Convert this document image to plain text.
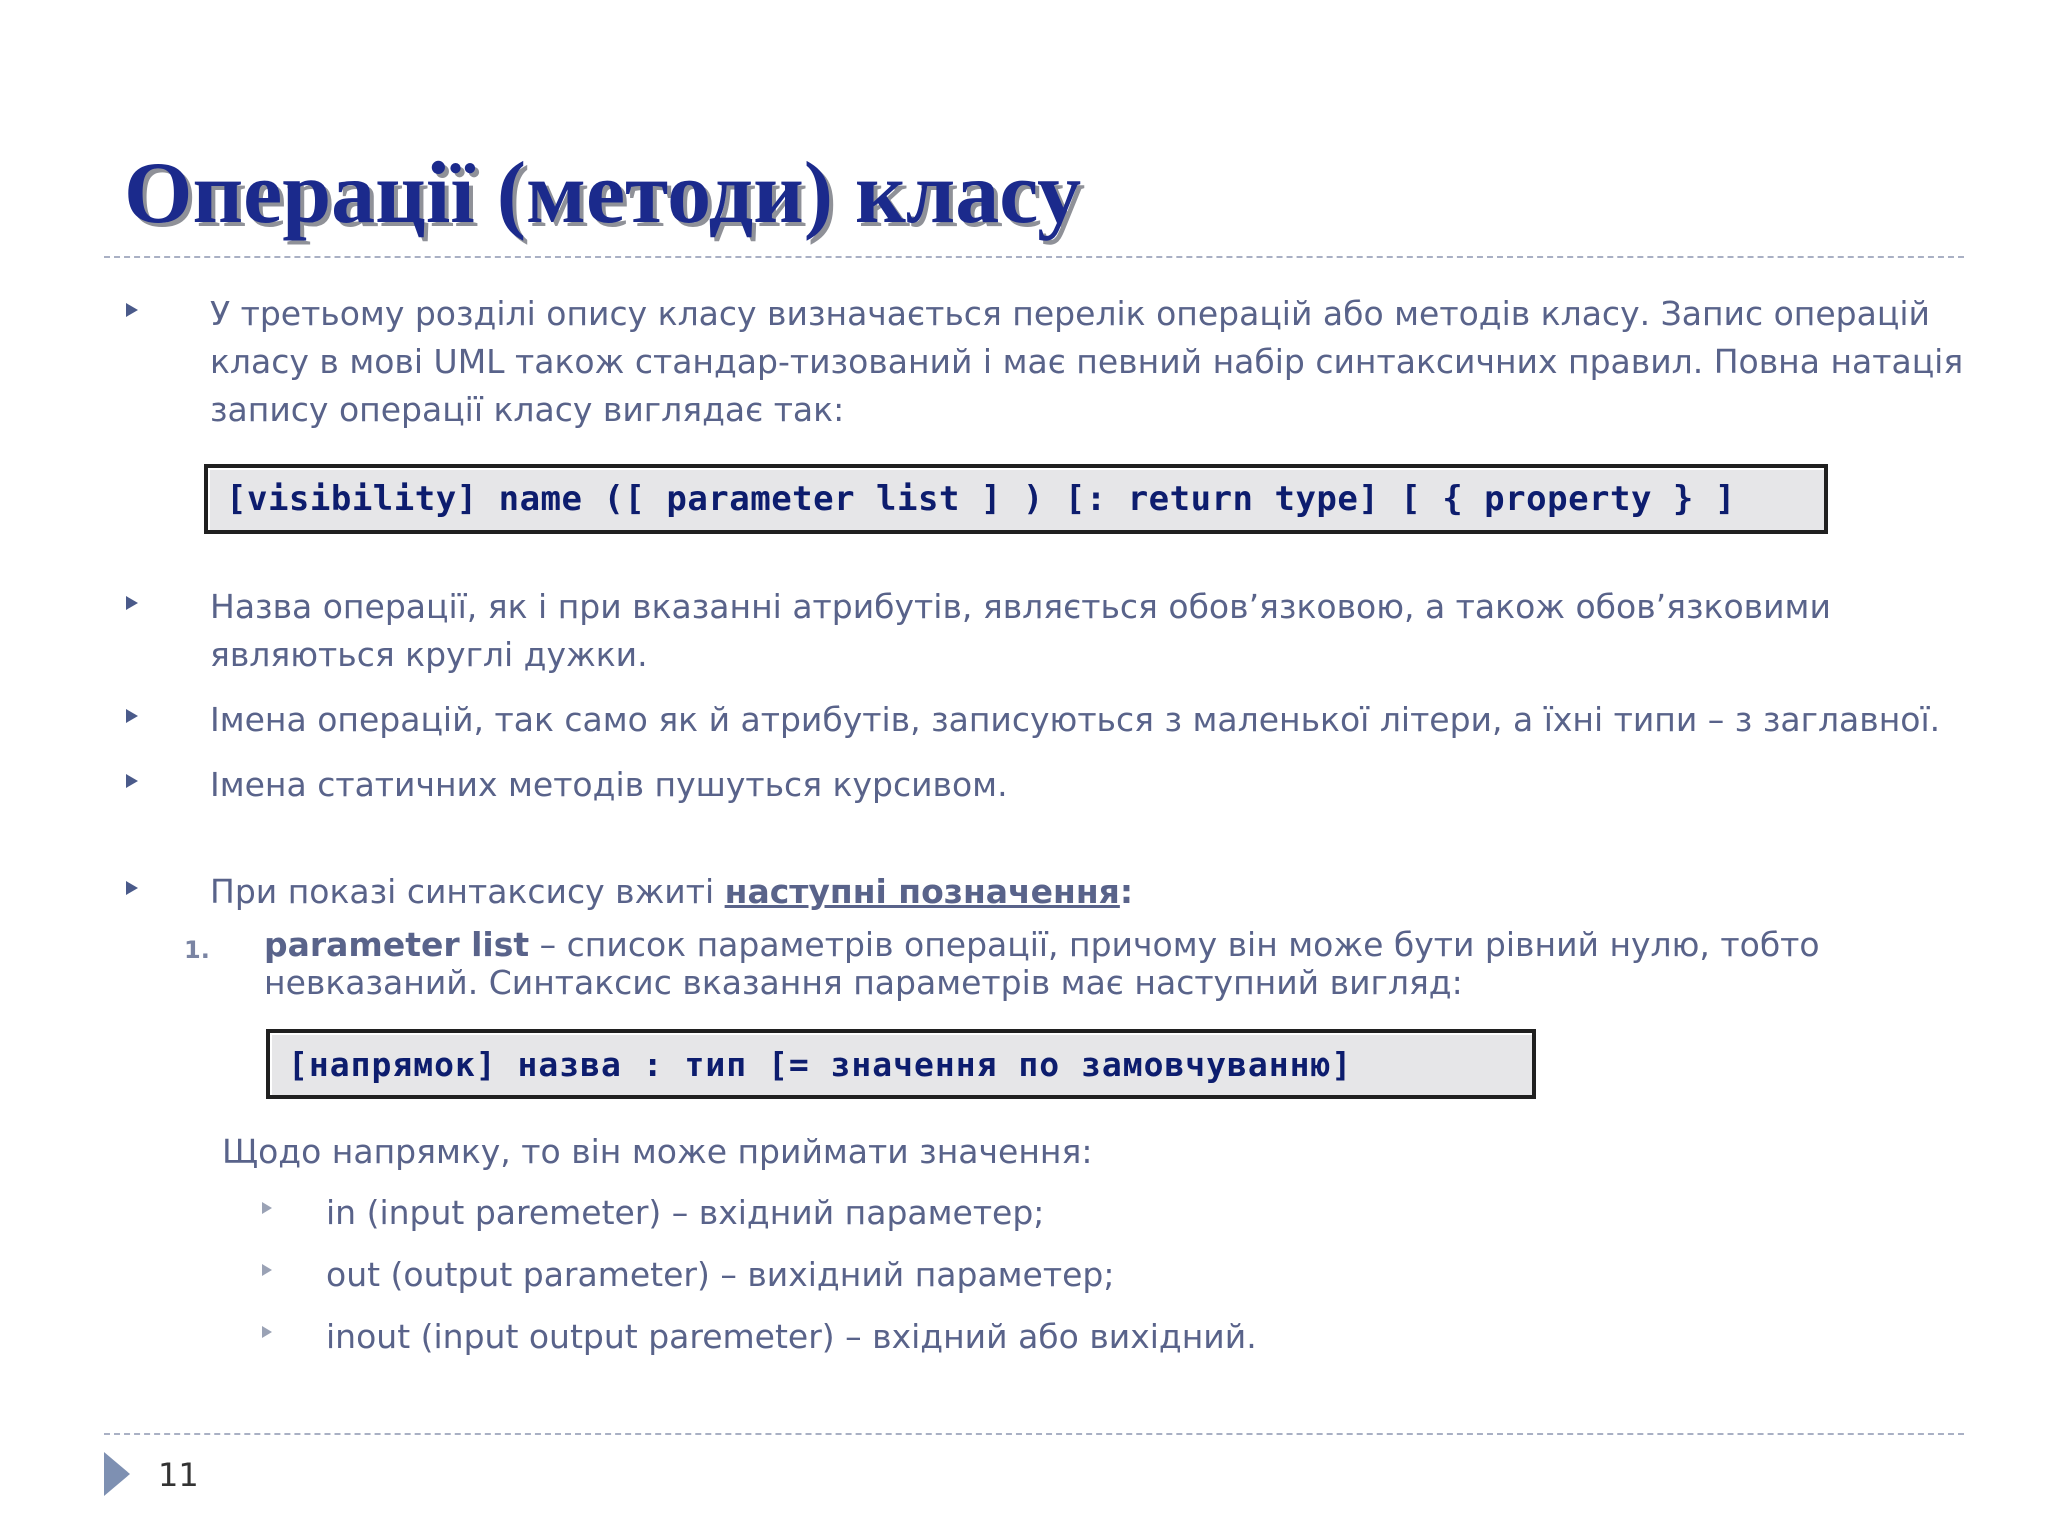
Операції (методи) класу

У третьому розділі опису класу визначається перелік операцій або методів класу. Запис операцій
класу в мові UML також стандар-тизований і має певний набір синтаксичних правил. Повна натація
запису операції класу виглядає так:

[visibility] name ([ parameter list ] ) [: return type] [ { property } ]

Назва операції, як і при вказанні атрибутів, являється обов’язковою, а також обов’язковими
являються круглі дужки.

Імена операцій, так само як й атрибутів, записуються з маленької літери, а їхні типи – з заглавної.

Імена статичних методів пушуться курсивом.

При показі синтаксису вжиті наступні позначення:

1. parameter list – список параметрів операції, причому він може бути рівний нулю, тобто
невказаний. Синтаксис вказання параметрів має наступний вигляд:

[напрямок] назва : тип [= значення по замовчуванню]

Щодо напрямку, то він може приймати значення:

in (input paremeter) – вхідний параметер;

out (output parameter) – вихідний параметер;

inout (input output paremeter) – вхідний або вихідний.

11
